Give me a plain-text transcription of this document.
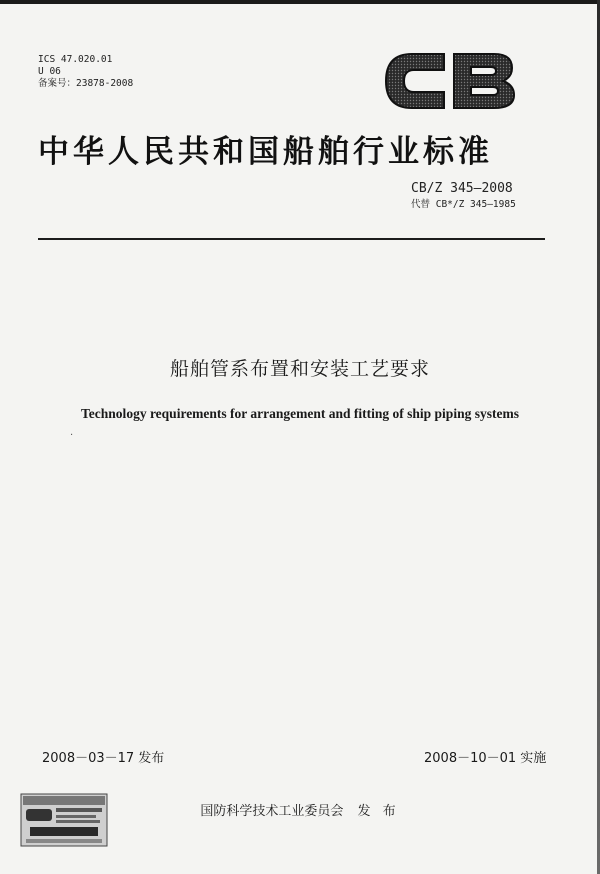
ICS 47.020.01
U 06
备案号：23878-2008	CB
中华人民共和国船舶行业标准
CB/Z 345—2008
代替 CB*/Z 345—1985
船舶管系布置和安装工艺要求
Technology requirements for arrangement and fitting of ship piping systems
·
2008－03－17 发布	2008－10－01 实施
国防科学技术工业委员会 发 布
